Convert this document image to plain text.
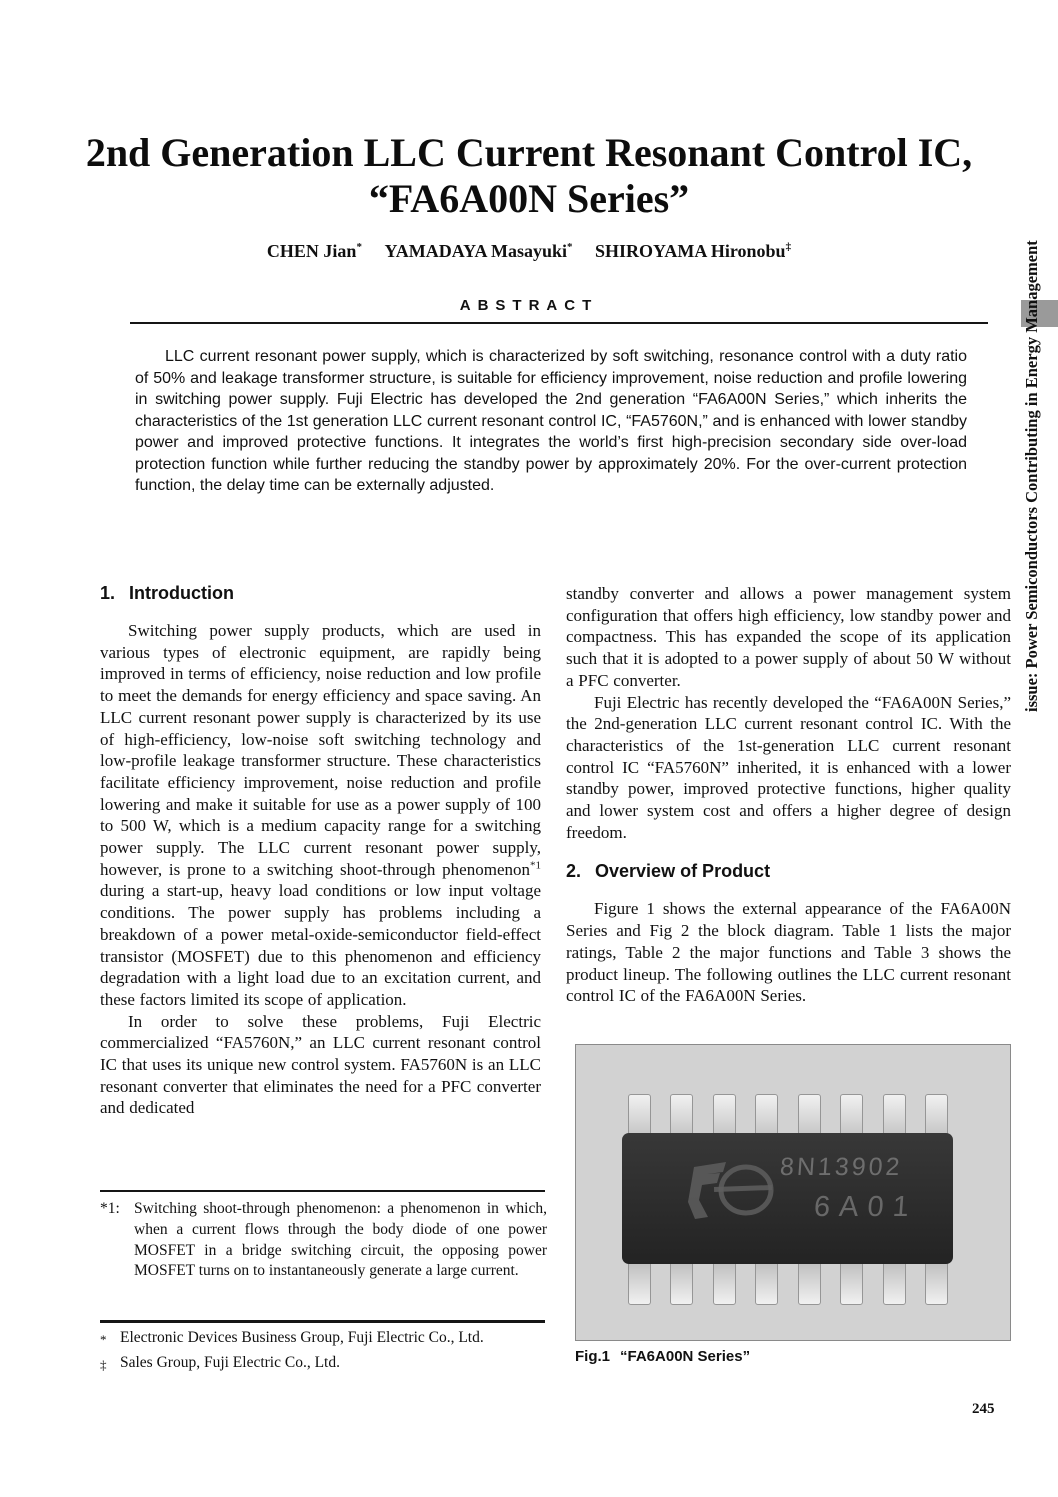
2nd Generation LLC Current Resonant Control IC,
“FA6A00N Series”
CHEN Jian* YAMADAYA Masayuki* SHIROYAMA Hironobu‡
ABSTRACT
LLC current resonant power supply, which is characterized by soft switching, resonance control with a duty ratio of 50% and leakage transformer structure, is suitable for efficiency improvement, noise reduction and profile lowering in switching power supply. Fuji Electric has developed the 2nd generation “FA6A00N Series,” which inherits the characteristics of the 1st generation LLC current resonant control IC, “FA5760N,” and is enhanced with lower standby power and improved protective functions. It integrates the world’s first high-precision secondary side over-load protection function while further reducing the standby power by approximately 20%. For the over-current protection function, the delay time can be externally adjusted.
1. Introduction

Switching power supply products, which are used in various types of electronic equipment, are rapidly being improved in terms of efficiency, noise reduction and low profile to meet the demands for energy efficiency and space saving. An LLC current resonant power supply is characterized by its use of high-efficiency, low-noise soft switching technology and low-profile leakage transformer structure. These characteristics facilitate efficiency improvement, noise reduction and profile lowering and make it suitable for use as a power supply of 100 to 500 W, which is a medium capacity range for a switching power supply. The LLC current resonant power supply, however, is prone to a switching shoot-through phenomenon$^{*1}$ during a start-up, heavy load conditions or low input voltage conditions. The power supply has problems including a breakdown of a power metal-oxide-semiconductor field-effect transistor (MOSFET) due to this phenomenon and efficiency degradation with a light load due to an excitation current, and these factors limited its scope of application.

In order to solve these problems, Fuji Electric commercialized “FA5760N,” an LLC current resonant control IC that uses its unique new control system. FA5760N is an LLC resonant converter that eliminates the need for a PFC converter and dedicated

standby converter and allows a power management system configuration that offers high efficiency, low standby power and compactness. This has expanded the scope of its application such that it is adopted to a power supply of about 50 W without a PFC converter.

Fuji Electric has recently developed the “FA6A00N Series,” the 2nd-generation LLC current resonant control IC. With the characteristics of the 1st-generation LLC current resonant control IC “FA5760N” inherited, it is enhanced with a lower standby power, improved protective functions, higher quality and lower system cost and offers a higher degree of design freedom.

2. Overview of Product

Figure 1 shows the external appearance of the FA6A00N Series and Fig 2 the block diagram. Table 1 lists the major ratings, Table 2 the major functions and Table 3 shows the product lineup. The following outlines the LLC current resonant control IC of the FA6A00N Series.

*1: Switching shoot-through phenomenon: a phenomenon in which, when a current flows through the body diode of one power MOSFET in a bridge switching circuit, the opposing power MOSFET turns on to instantaneously generate a large current.
* Electronic Devices Business Group, Fuji Electric Co., Ltd.
‡ Sales Group, Fuji Electric Co., Ltd.
8N13902
6A01
Fig.1 “FA6A00N Series”
issue: Power Semiconductors Contributing in Energy Management
245
